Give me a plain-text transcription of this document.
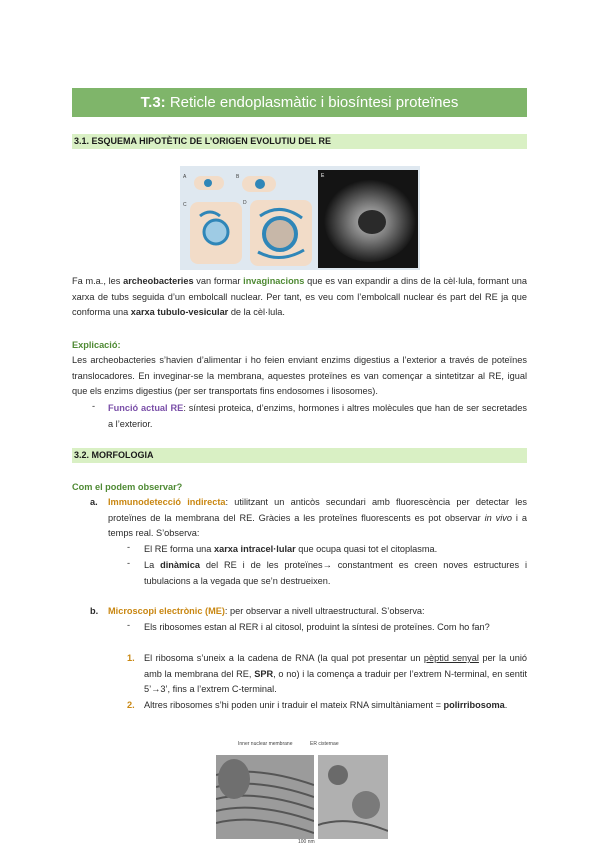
T.3: Reticle endoplasmàtic i biosíntesi proteïnes
3.1. ESQUEMA HIPOTÈTIC DE L’ORIGEN EVOLUTIU DEL RE
A	B
C	D
E
Fa m.a., les archeobacteries van formar invaginacions que es van expandir a dins de la cèl·lula, formant una xarxa de tubs seguida d’un embolcall nuclear. Per tant, es veu com l’embolcall nuclear és part del RE ja que conforma una xarxa tubulo-vesicular de la cèl·lula.
Explicació:
Les archeobacteries s’havien d’alimentar i ho feien enviant enzims digestius a l’exterior a través de poteïnes translocadores. En inveginar-se la membrana, aquestes proteïnes es van començar a sintetitzar al RE, igual que els enzims digestius (per ser transportats fins endosomes i lisosomes).
- Funció actual RE: síntesi proteica, d’enzims, hormones i altres molècules que han de ser secretades a l’exterior.
3.2. MORFOLOGIA
Com el podem observar?
a. Immunodetecció indirecta: utilitzant un anticòs secundari amb fluorescència per detectar les proteïnes de la membrana del RE. Gràcies a les proteïnes fluorescents es pot observar in vivo i a temps real. S’observa:
- El RE forma una xarxa intracel·lular que ocupa quasi tot el citoplasma.
- La dinàmica del RE i de les proteïnes→ constantment es creen noves estructures i tubulacions a la vegada que se’n destrueixen.
b. Microscopi electrònic (ME): per observar a nivell ultraestructural. S’observa:
- Els ribosomes estan al RER i al citosol, produint la síntesi de proteïnes. Com ho fan?
1. El ribosoma s’uneix a la cadena de RNA (la qual pot presentar un pèptid senyal per la unió amb la membrana del RE, SPR, o no) i la comença a traduir per l’extrem N-terminal, en sentit 5’→3’, fins a l’extrem C-terminal.
2. Altres ribosomes s’hi poden unir i traduir el mateix RNA simultàniament = polirribosoma.
Inner nuclear membrane	ER cisternae
100 nm
